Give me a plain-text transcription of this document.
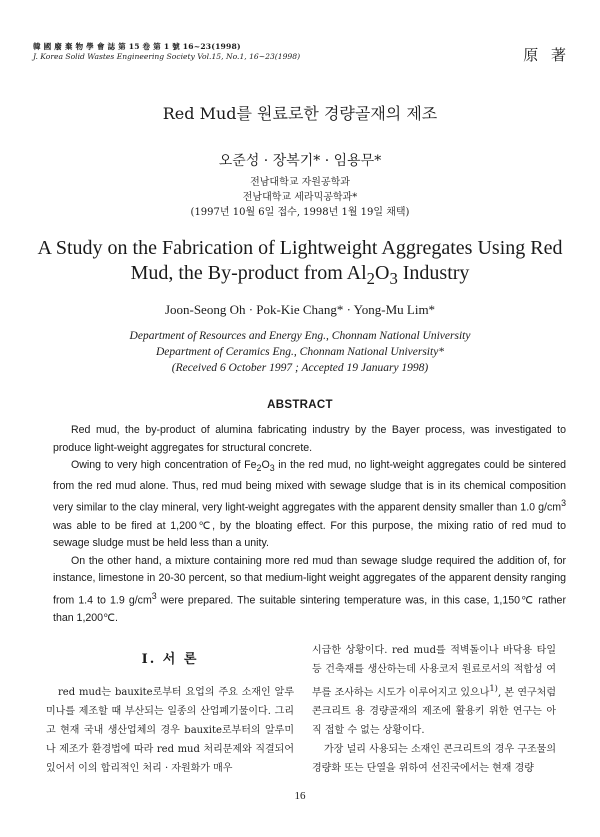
韓 國 廢 棄 物 學 會 誌 第 15 卷 第 1 號 16~23(1998)
J. Korea Solid Wastes Engineering Society Vol.15, No.1, 16~23(1998)	原 著
Red Mud를 원료로한 경량골재의 제조
오준성 · 장복기* · 임용무*
전남대학교 자원공학과
전남대학교 세라믹공학과*
(1997년 10월 6일 접수, 1998년 1월 19일 채택)
A Study on the Fabrication of Lightweight Aggregates Using Red
Mud, the By-product from $Al_2O_3$ Industry
Joon-Seong Oh · Pok-Kie Chang* · Yong-Mu Lim*
Department of Resources and Energy Eng., Chonnam National University
Department of Ceramics Eng., Chonnam National University*
(Received 6 October 1997 ; Accepted 19 January 1998)
ABSTRACT

Red mud, the by-product of alumina fabricating industry by the Bayer process, was investigated to produce light-weight aggregates for structural concrete.

Owing to very high concentration of $Fe_2O_3$ in the red mud, no light-weight aggregates could be sintered from the red mud alone. Thus, red mud being mixed with sewage sludge that is in its chemical composition very similar to the clay mineral, very light-weight aggregates with the apparent density smaller than 1.0 $g/cm^3$ was able to be fired at 1,200℃, by the bloating effect. For this purpose, the mixing ratio of red mud to sewage sludge must be held less than a unity.

On the other hand, a mixture containing more red mud than sewage sludge required the addition of, for instance, limestone in 20-30 percent, so that medium-light weight aggregates of the apparent density ranging from 1.4 to 1.9 $g/cm^3$ were prepared. The suitable sintering temperature was, in this case, 1,150℃ rather than 1,200℃.

Ⅰ. 서 론

red mud는 bauxite로부터 요업의 주요 소재인 알루미나를 제조할 때 부산되는 일종의 산업폐기물이다. 그리고 현재 국내 생산업체의 경우 bauxite로부터의 알루미나 제조가 환경법에 따라 red mud 처리문제와 직결되어 있어서 이의 합리적인 처리 · 자원화가 매우

시급한 상황이다. red mud를 적벽돌이나 바닥용 타일 등 건축재를 생산하는데 사용코저 원료로서의 적합성 여부를 조사하는 시도가 이루어지고 있으나$^{1)}$, 본 연구처럼 콘크리트 용 경량골재의 제조에 활용키 위한 연구는 아직 접할 수 없는 상황이다.

가장 널리 사용되는 소재인 콘크리트의 경우 구조물의 경량화 또는 단열을 위하여 선진국에서는 현재 경량

16
